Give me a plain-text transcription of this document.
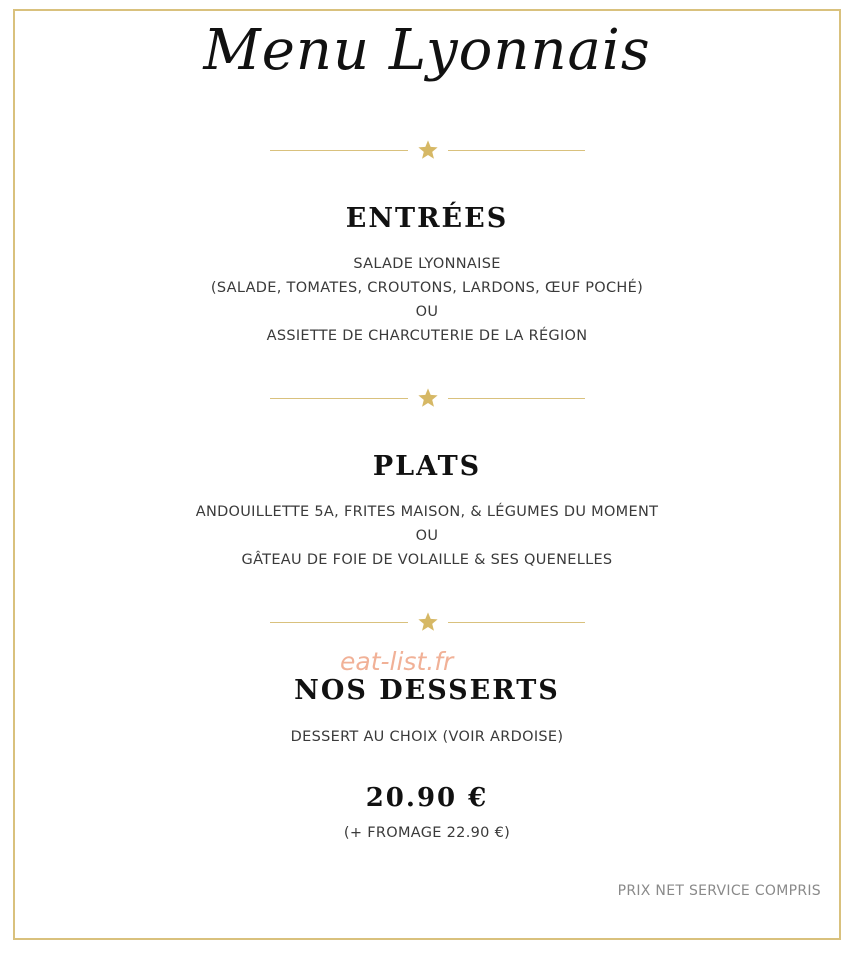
Menu Lyonnais
ENTRÉES
SALADE LYONNAISE
(SALADE, TOMATES, CROUTONS, LARDONS, ŒUF POCHÉ)
OU
ASSIETTE DE CHARCUTERIE DE LA RÉGION
PLATS
ANDOUILLETTE 5A, FRITES MAISON, & LÉGUMES DU MOMENT
OU
GÂTEAU DE FOIE DE VOLAILLE & SES QUENELLES
eat-list.fr
NOS DESSERTS
DESSERT AU CHOIX (VOIR ARDOISE)
20.90 €
(+ FROMAGE 22.90 €)
PRIX NET SERVICE COMPRIS
